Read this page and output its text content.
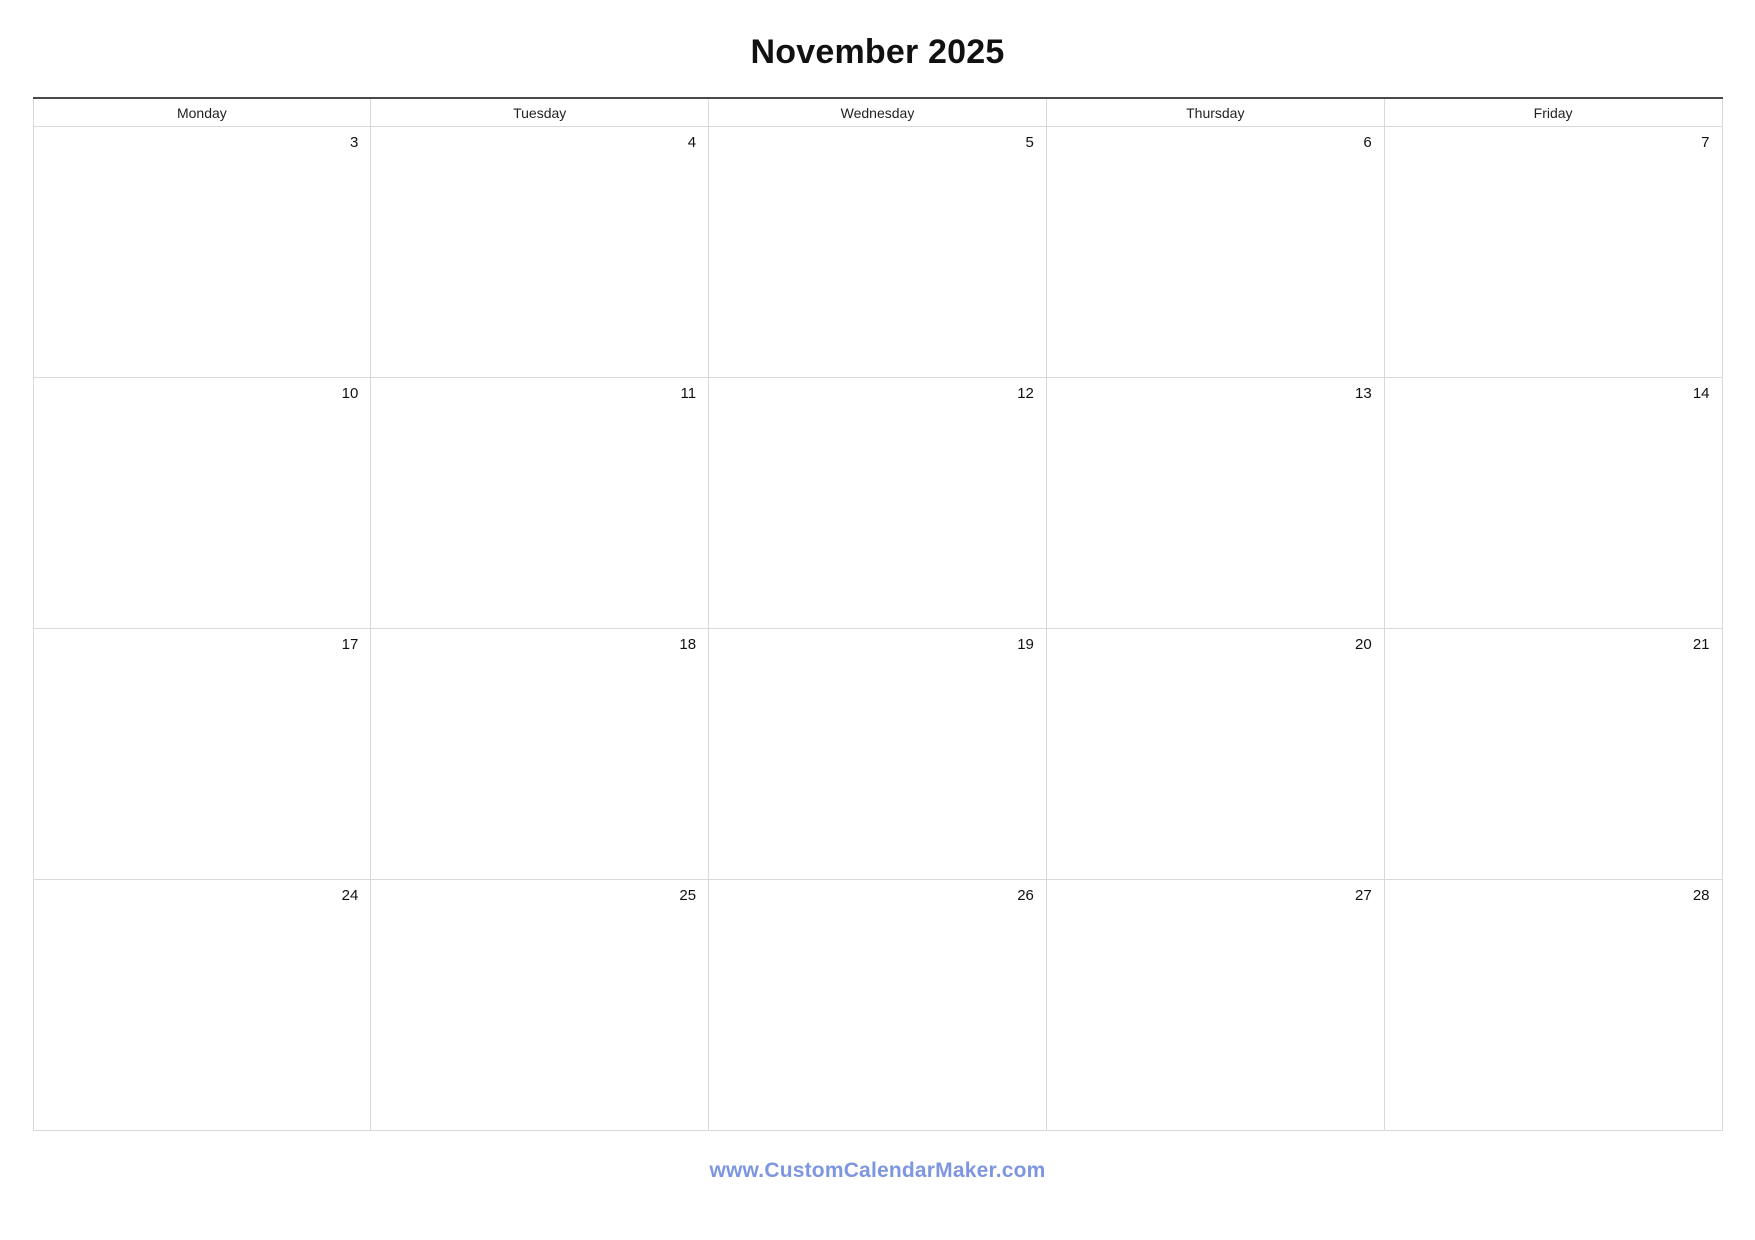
November 2025
Monday	Tuesday	Wednesday	Thursday	Friday

3	4	5	6	7

10	11	12	13	14

17	18	19	20	21

24	25	26	27	28
www.CustomCalendarMaker.com
